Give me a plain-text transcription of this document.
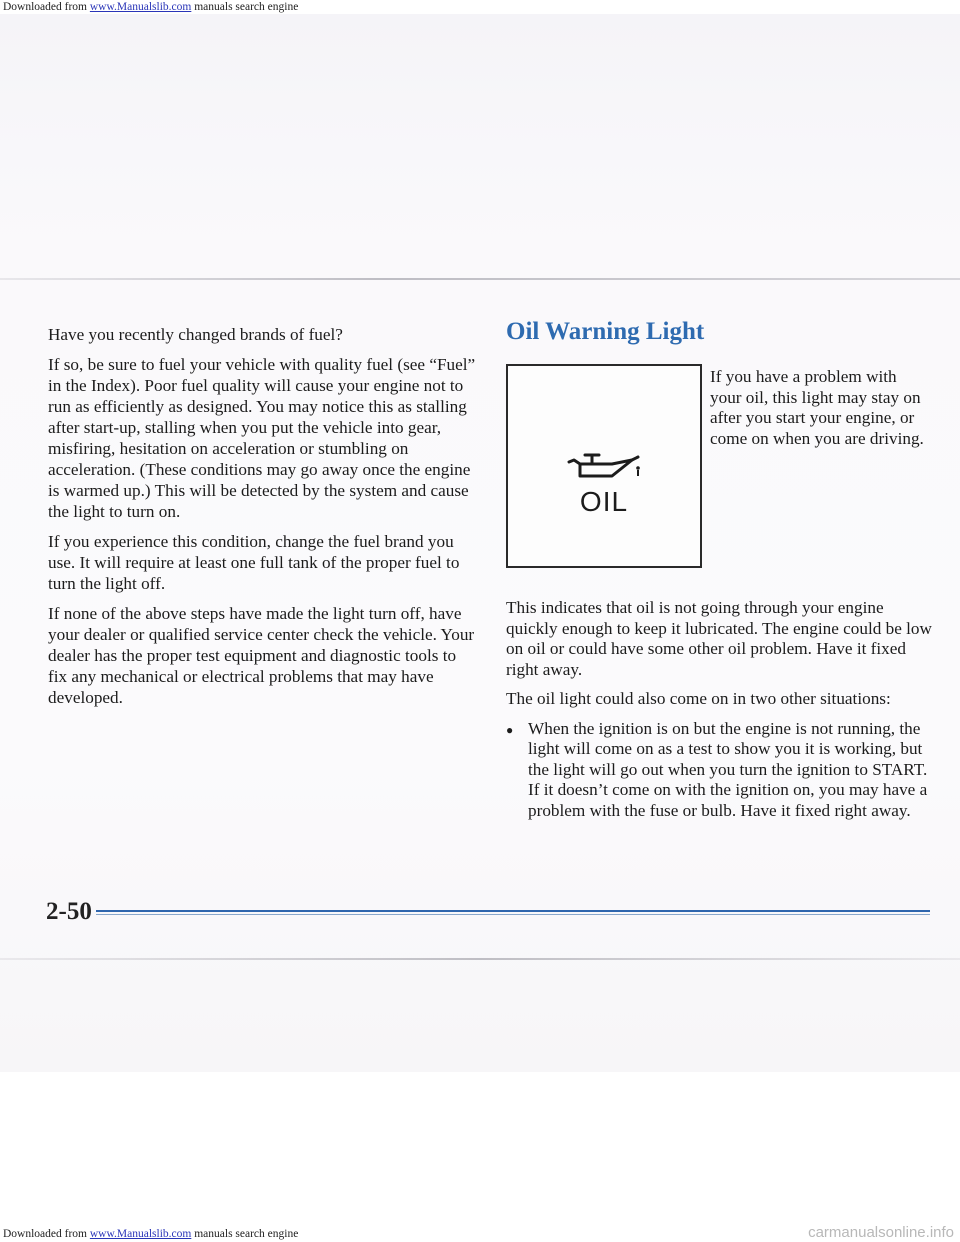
Downloaded from www.Manualslib.com manuals search engine

Have you recently changed brands of fuel?

If so, be sure to fuel your vehicle with quality fuel (see “Fuel” in the Index). Poor fuel quality will cause your engine not to run as efficiently as designed. You may notice this as stalling after start-up, stalling when you put the vehicle into gear, misfiring, hesitation on acceleration or stumbling on acceleration. (These conditions may go away once the engine is warmed up.) This will be detected by the system and cause the light to turn on.

If you experience this condition, change the fuel brand you use. It will require at least one full tank of the proper fuel to turn the light off.

If none of the above steps have made the light turn off, have your dealer or qualified service center check the vehicle. Your dealer has the proper test equipment and diagnostic tools to fix any mechanical or electrical problems that may have developed.

Oil Warning Light
OIL

If you have a problem with your oil, this light may stay on after you start your engine, or come on when you are driving.

This indicates that oil is not going through your engine quickly enough to keep it lubricated. The engine could be low on oil or could have some other oil problem. Have it fixed right away.

The oil light could also come on in two other situations:

● When the ignition is on but the engine is not running, the light will come on as a test to show you it is working, but the light will go out when you turn the ignition to START. If it doesn’t come on with the ignition on, you may have a problem with the fuse or bulb. Have it fixed right away.
2-50
Downloaded from www.Manualslib.com manuals search engine	carmanualsonline.info
